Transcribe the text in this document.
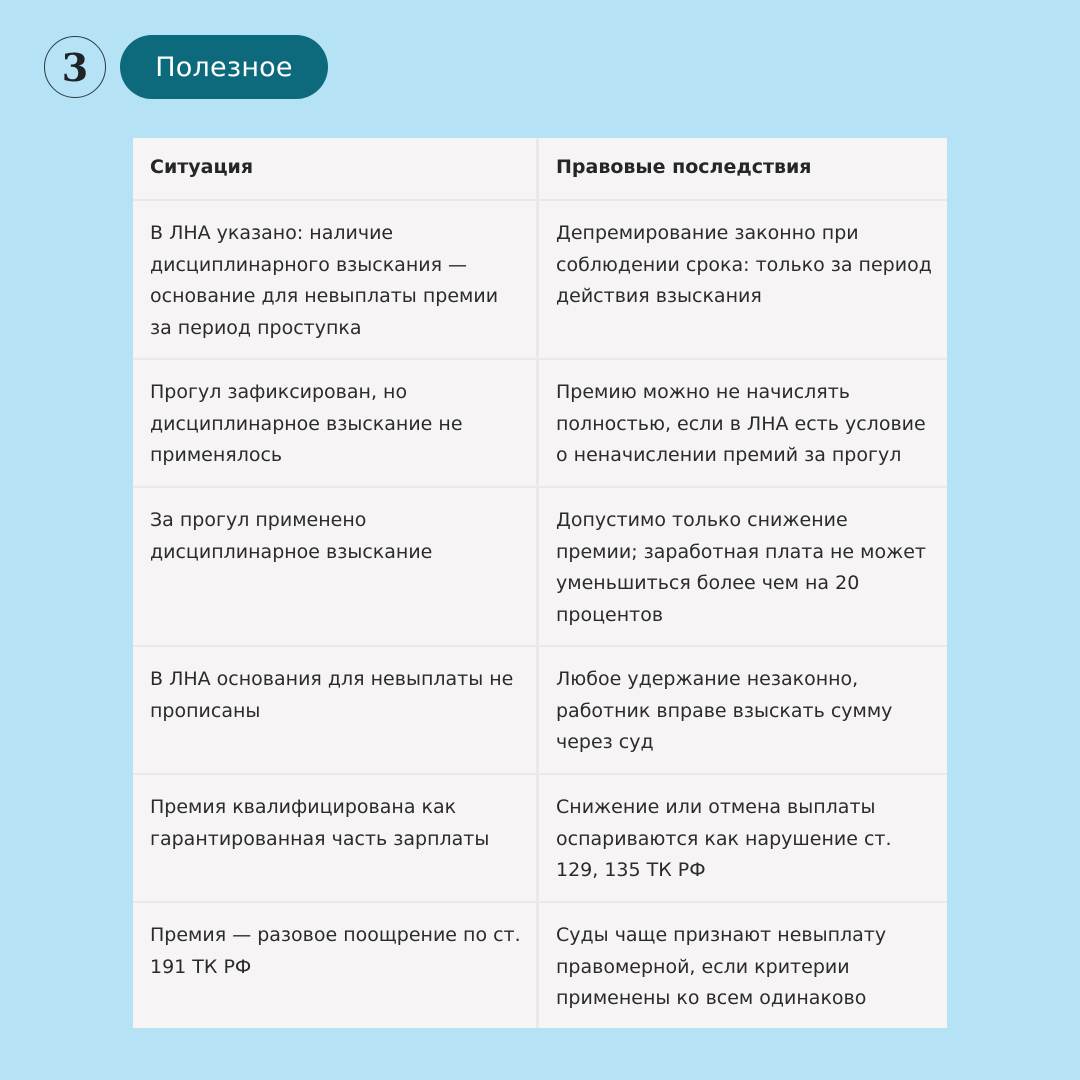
3 Полезное
Ситуация	Правовые последствия
В ЛНА указано: наличие дисциплинарного взыскания — основание для невыплаты премии за период проступка
Депремирование законно при соблюдении срока: только за период действия взыскания
Прогул зафиксирован, но дисциплинарное взыскание не применялось
Премию можно не начислять полностью, если в ЛНА есть условие о неначислении премий за прогул
За прогул применено дисциплинарное взыскание
Допустимо только снижение премии; заработная плата не может уменьшиться более чем на 20 процентов
В ЛНА основания для невыплаты не прописаны
Любое удержание незаконно, работник вправе взыскать сумму через суд
Премия квалифицирована как гарантированная часть зарплаты
Снижение или отмена выплаты оспариваются как нарушение ст. 129, 135 ТК РФ
Премия — разовое поощрение по ст. 191 ТК РФ
Суды чаще признают невыплату правомерной, если критерии применены ко всем одинаково
